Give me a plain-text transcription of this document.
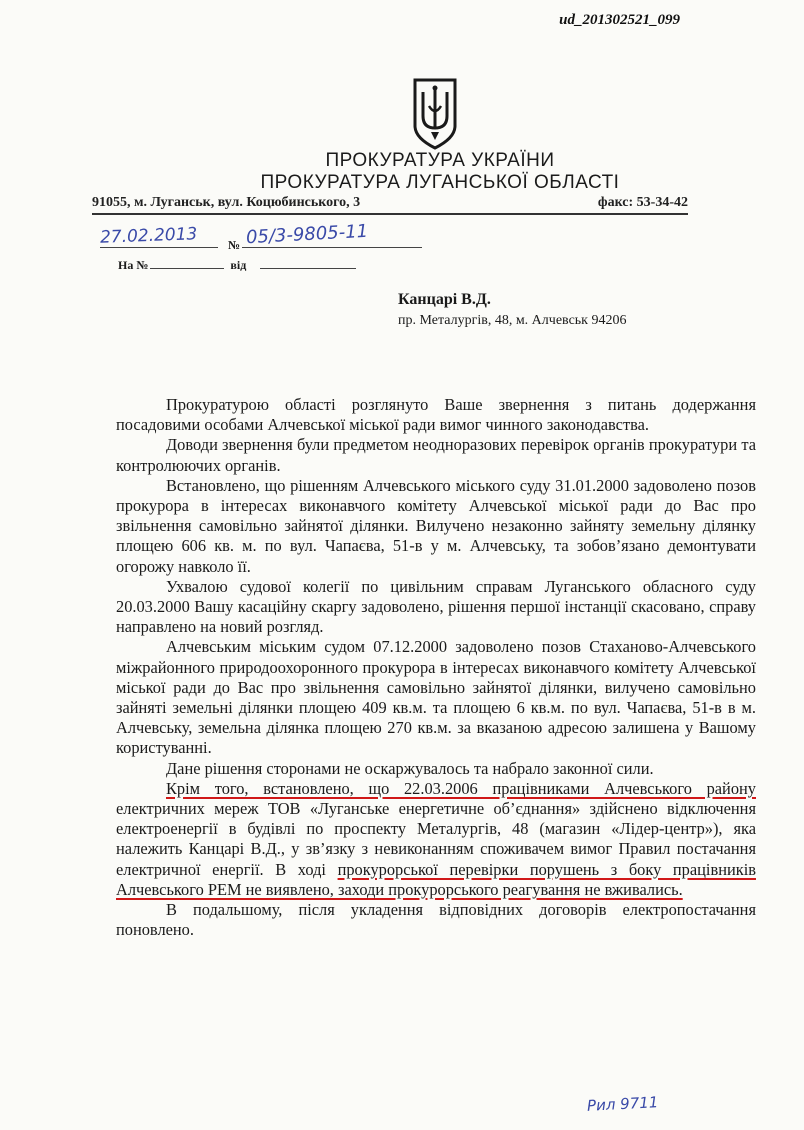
ud_201302521_099
ПРОКУРАТУРА УКРАЇНИ
ПРОКУРАТУРА ЛУГАНСЬКОЇ ОБЛАСТІ
91055, м. Луганськ, вул. Коцюбинського, 3	факс: 53-34-42
27.02.2013	№ 05/3-9805-11
На №	від
Канцарі В.Д.
пр. Металургів, 48, м. Алчевськ 94206

Прокуратурою області розглянуто Ваше звернення з питань додержання посадовими особами Алчевської міської ради вимог чинного законодавства.

Доводи звернення були предметом неодноразових перевірок органів прокуратури та контролюючих органів.

Встановлено, що рішенням Алчевського міського суду 31.01.2000 задоволено позов прокурора в інтересах виконавчого комітету Алчевської міської ради до Вас про звільнення самовільно зайнятої ділянки. Вилучено незаконно зайняту земельну ділянку площею 606 кв. м. по вул. Чапаєва, 51-в у м. Алчевську, та зобов’язано демонтувати огорожу навколо її.

Ухвалою судової колегії по цивільним справам Луганського обласного суду 20.03.2000 Вашу касаційну скаргу задоволено, рішення першої інстанції скасовано, справу направлено на новий розгляд.

Алчевським міським судом 07.12.2000 задоволено позов Стахановo-Алчевського міжрайонного природоохоронного прокурора в інтересах виконавчого комітету Алчевської міської ради до Вас про звільнення самовільно зайнятої ділянки, вилучено самовільно зайняті земельні ділянки площею 409 кв.м. та площею 6 кв.м. по вул. Чапаєва, 51-в в м. Алчевську, земельна ділянка площею 270 кв.м. за вказаною адресою залишена у Вашому користуванні.

Дане рішення сторонами не оскаржувалось та набрало законної сили.

Крім того, встановлено, що 22.03.2006 працівниками Алчевського району електричних мереж ТОВ «Луганське енергетичне об’єднання» здійснено відключення електроенергії в будівлі по проспекту Металургів, 48 (магазин «Лідер-центр»), яка належить Канцарі В.Д., у зв’язку з невиконанням споживачем вимог Правил постачання електричної енергії. В ході прокурорської перевірки порушень з боку працівників Алчевського РЕМ не виявлено, заходи прокурорського реагування не вживались.

В подальшому, після укладення відповідних договорів електропостачання поновлено.

Рил 9711
